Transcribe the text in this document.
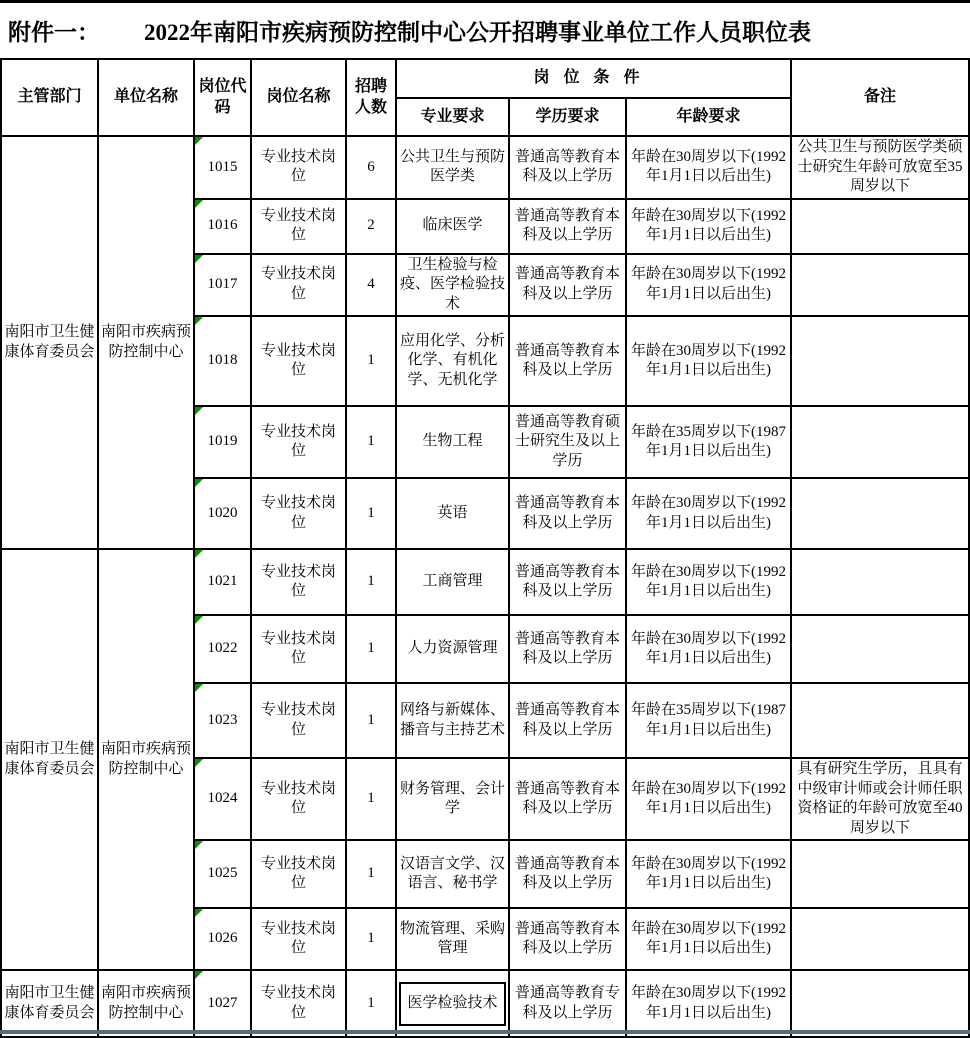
附件一： 2022年南阳市疾病预防控制中心公开招聘事业单位工作人员职位表
主管部门	单位名称	岗位代码	岗位名称	招聘人数	岗位条件			备注
					专业要求	学历要求	年龄要求	
南阳市卫生健康体育委员会	南阳市疾病预防控制中心	1015	专业技术岗位	6	公共卫生与预防医学类	普通高等教育本科及以上学历	年龄在30周岁以下(1992年1月1日以后出生)	公共卫生与预防医学类硕士研究生年龄可放宽至35周岁以下

1016	专业技术岗位	2	临床医学	普通高等教育本科及以上学历	年龄在30周岁以下(1992年1月1日以后出生)	

1017	专业技术岗位	4	卫生检验与检疫、医学检验技术	普通高等教育本科及以上学历	年龄在30周岁以下(1992年1月1日以后出生)	

1018	专业技术岗位	1	应用化学、分析化学、有机化学、无机化学	普通高等教育本科及以上学历	年龄在30周岁以下(1992年1月1日以后出生)	

1019	专业技术岗位	1	生物工程	普通高等教育硕士研究生及以上学历	年龄在35周岁以下(1987年1月1日以后出生)	

1020	专业技术岗位	1	英语	普通高等教育本科及以上学历	年龄在30周岁以下(1992年1月1日以后出生)	
南阳市卫生健康体育委员会	南阳市疾病预防控制中心	1021	专业技术岗位	1	工商管理	普通高等教育本科及以上学历	年龄在30周岁以下(1992年1月1日以后出生)	

1022	专业技术岗位	1	人力资源管理	普通高等教育本科及以上学历	年龄在30周岁以下(1992年1月1日以后出生)	

1023	专业技术岗位	1	网络与新媒体、播音与主持艺术	普通高等教育本科及以上学历	年龄在35周岁以下(1987年1月1日以后出生)	

1024	专业技术岗位	1	财务管理、会计学	普通高等教育本科及以上学历	年龄在30周岁以下(1992年1月1日以后出生)	具有研究生学历，且具有中级审计师或会计师任职资格证的年龄可放宽至40周岁以下

1025	专业技术岗位	1	汉语言文学、汉语言、秘书学	普通高等教育本科及以上学历	年龄在30周岁以下(1992年1月1日以后出生)	

1026	专业技术岗位	1	物流管理、采购管理	普通高等教育本科及以上学历	年龄在30周岁以下(1992年1月1日以后出生)	
南阳市卫生健康体育委员会	南阳市疾病预防控制中心	1027	专业技术岗位	1	医学检验技术	普通高等教育专科及以上学历	年龄在30周岁以下(1992年1月1日以后出生)	
